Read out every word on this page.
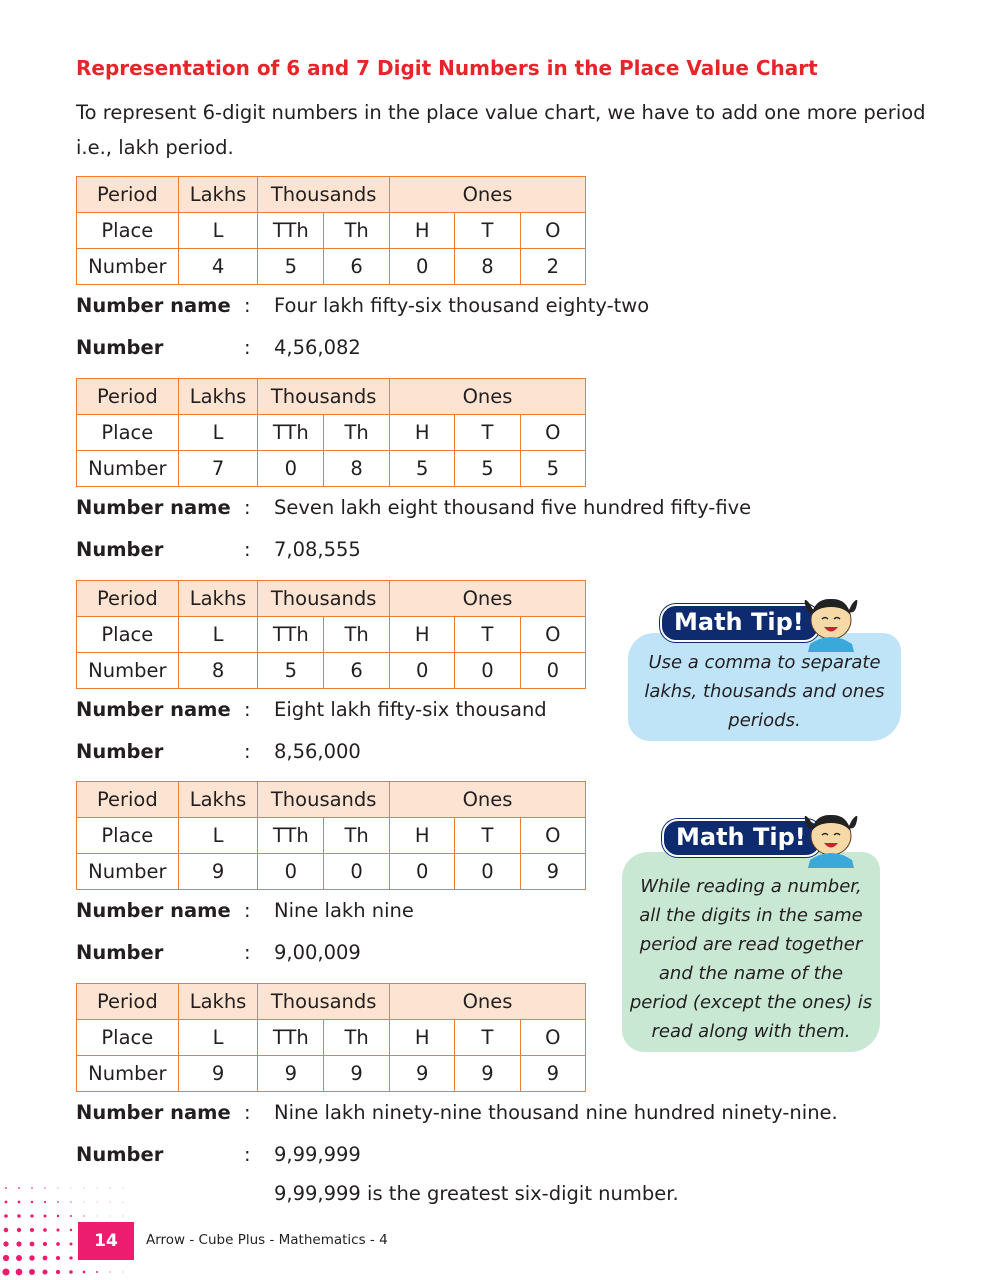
Representation of 6 and 7 Digit Numbers in the Place Value Chart
To represent 6-digit numbers in the place value chart, we have to add one more period i.e., lakh period.
Period	Lakhs	Thousands		Ones		
Place	L	TTh	Th	H	T	O
Number	4	5	6	0	8	2
Number name : Four lakh fifty-six thousand eighty-two
Number	: 4,56,082
Period	Lakhs	Thousands		Ones		
Place	L	TTh	Th	H	T	O
Number	7	0	8	5	5	5
Number name : Seven lakh eight thousand five hundred fifty-five
Number	: 7,08,555
Period	Lakhs	Thousands		Ones		
Place	L	TTh	Th	H	T	O
Number	8	5	6	0	0	0
Number name : Eight lakh fifty-six thousand
Number	: 8,56,000
Period	Lakhs	Thousands		Ones		
Place	L	TTh	Th	H	T	O
Number	9	0	0	0	0	9
Number name : Nine lakh nine
Number	: 9,00,009
Period	Lakhs	Thousands		Ones		
Place	L	TTh	Th	H	T	O
Number	9	9	9	9	9	9
Number name : Nine lakh ninety-nine thousand nine hundred ninety-nine.
Number	: 9,99,999
9,99,999 is the greatest six-digit number.
Use a comma to separate lakhs, thousands and ones periods.
Math Tip!
While reading a number, all the digits in the same period are read together and the name of the period (except the ones) is read along with them.
Math Tip!
14	Arrow - Cube Plus - Mathematics - 4
